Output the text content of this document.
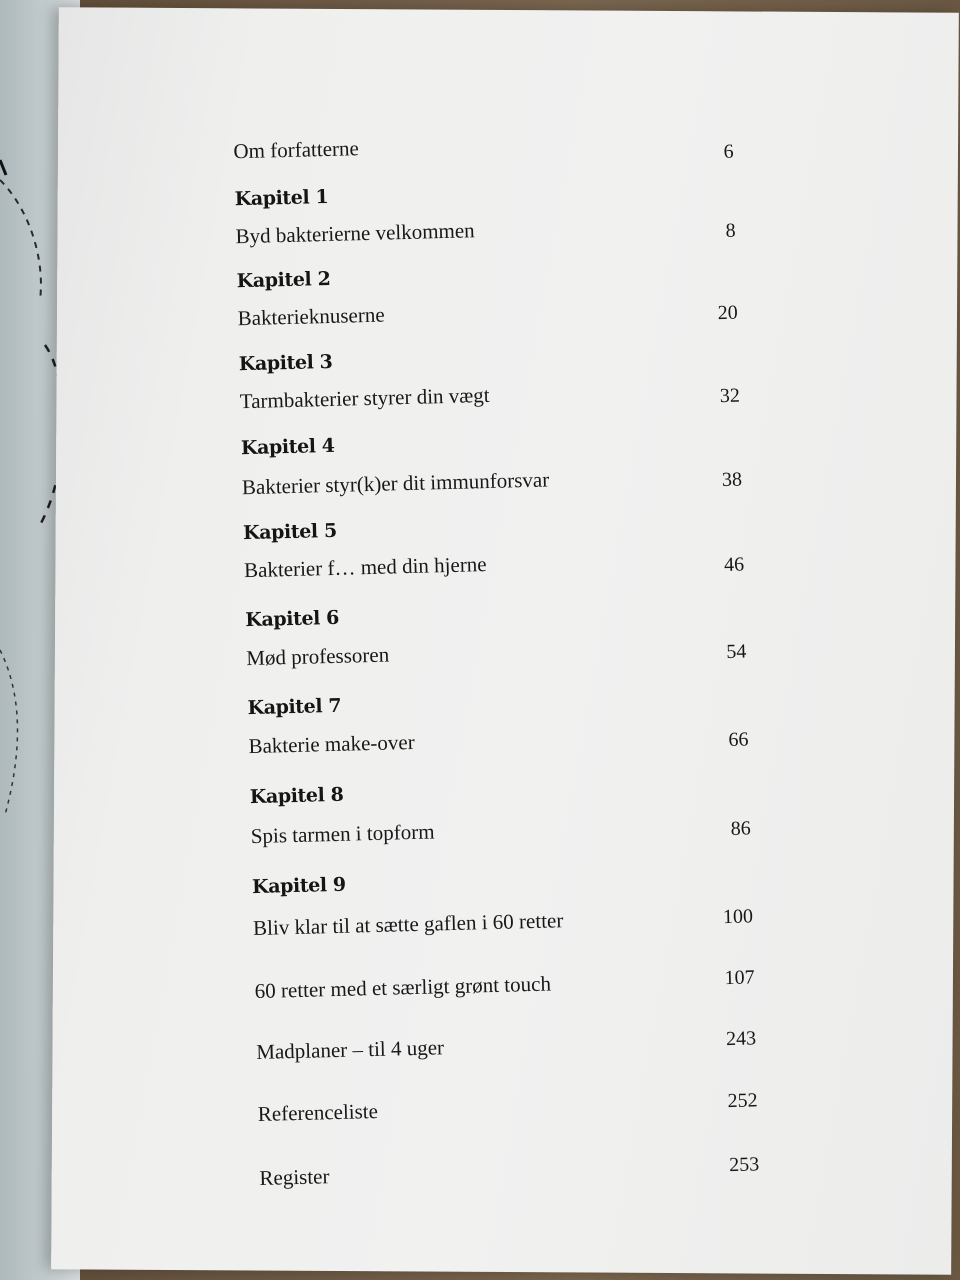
Om forfatterne	6
Kapitel 1
Byd bakterierne velkommen	8
Kapitel 2
Bakterieknuserne	20
Kapitel 3
Tarmbakterier styrer din vægt	32
Kapitel 4
Bakterier styr(k)er dit immunforsvar	38
Kapitel 5
Bakterier f… med din hjerne	46
Kapitel 6
Mød professoren	54
Kapitel 7
Bakterie make-over	66
Kapitel 8
Spis tarmen i topform	86
Kapitel 9
Bliv klar til at sætte gaflen i 60 retter	100
60 retter med et særligt grønt touch	107
Madplaner – til 4 uger	243
Referenceliste	252
Register	253
